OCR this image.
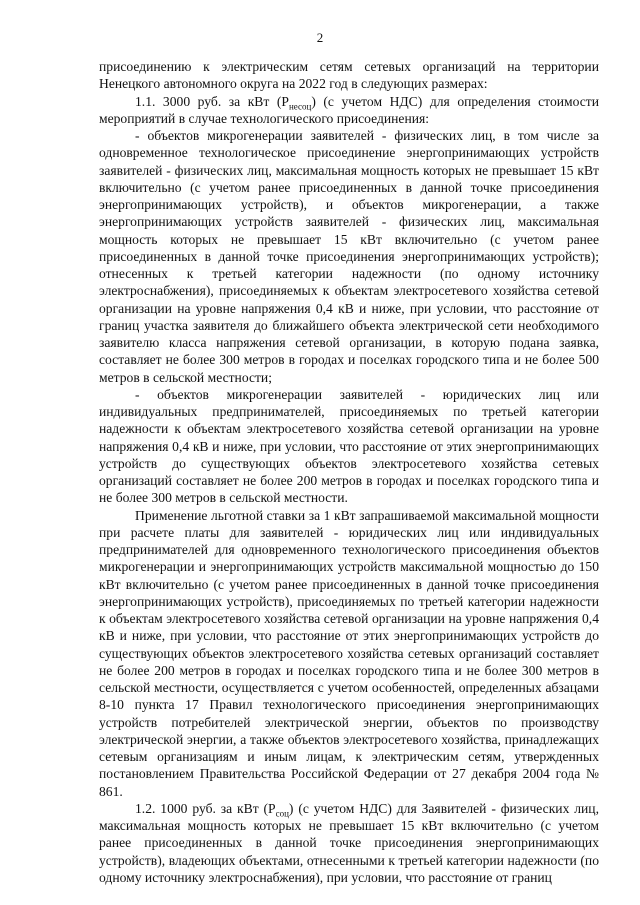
2

присоединению к электрическим сетям сетевых организаций на территории Ненецкого автономного округа на 2022 год в следующих размерах:

1.1. 3000 руб. за кВт $(P_{несоц})$ (с учетом НДС) для определения стоимости мероприятий в случае технологического присоединения:

- объектов микрогенерации заявителей - физических лиц, в том числе за одновременное технологическое присоединение энергопринимающих устройств заявителей - физических лиц, максимальная мощность которых не превышает 15 кВт включительно (с учетом ранее присоединенных в данной точке присоединения энергопринимающих устройств), и объектов микрогенерации, а также энергопринимающих устройств заявителей - физических лиц, максимальная мощность которых не превышает 15 кВт включительно (с учетом ранее присоединенных в данной точке присоединения энергопринимающих устройств); отнесенных к третьей категории надежности (по одному источнику электроснабжения), присоединяемых к объектам электросетевого хозяйства сетевой организации на уровне напряжения 0,4 кВ и ниже, при условии, что расстояние от границ участка заявителя до ближайшего объекта электрической сети необходимого заявителю класса напряжения сетевой организации, в которую подана заявка, составляет не более 300 метров в городах и поселках городского типа и не более 500 метров в сельской местности;

- объектов микрогенерации заявителей - юридических лиц или индивидуальных предпринимателей, присоединяемых по третьей категории надежности к объектам электросетевого хозяйства сетевой организации на уровне напряжения 0,4 кВ и ниже, при условии, что расстояние от этих энергопринимающих устройств до существующих объектов электросетевого хозяйства сетевых организаций составляет не более 200 метров в городах и поселках городского типа и не более 300 метров в сельской местности.

Применение льготной ставки за 1 кВт запрашиваемой максимальной мощности при расчете платы для заявителей - юридических лиц или индивидуальных предпринимателей для одновременного технологического присоединения объектов микрогенерации и энергопринимающих устройств максимальной мощностью до 150 кВт включительно (с учетом ранее присоединенных в данной точке присоединения энергопринимающих устройств), присоединяемых по третьей категории надежности к объектам электросетевого хозяйства сетевой организации на уровне напряжения 0,4 кВ и ниже, при условии, что расстояние от этих энергопринимающих устройств до существующих объектов электросетевого хозяйства сетевых организаций составляет не более 200 метров в городах и поселках городского типа и не более 300 метров в сельской местности, осуществляется с учетом особенностей, определенных абзацами 8-10 пункта 17 Правил технологического присоединения энергопринимающих устройств потребителей электрической энергии, объектов по производству электрической энергии, а также объектов электросетевого хозяйства, принадлежащих сетевым организациям и иным лицам, к электрическим сетям, утвержденных постановлением Правительства Российской Федерации от 27 декабря 2004 года № 861.

1.2. 1000 руб. за кВт $(P_{соц})$ (с учетом НДС) для Заявителей - физических лиц, максимальная мощность которых не превышает 15 кВт включительно (с учетом ранее присоединенных в данной точке присоединения энергопринимающих устройств), владеющих объектами, отнесенными к третьей категории надежности (по одному источнику электроснабжения), при условии, что расстояние от границ
